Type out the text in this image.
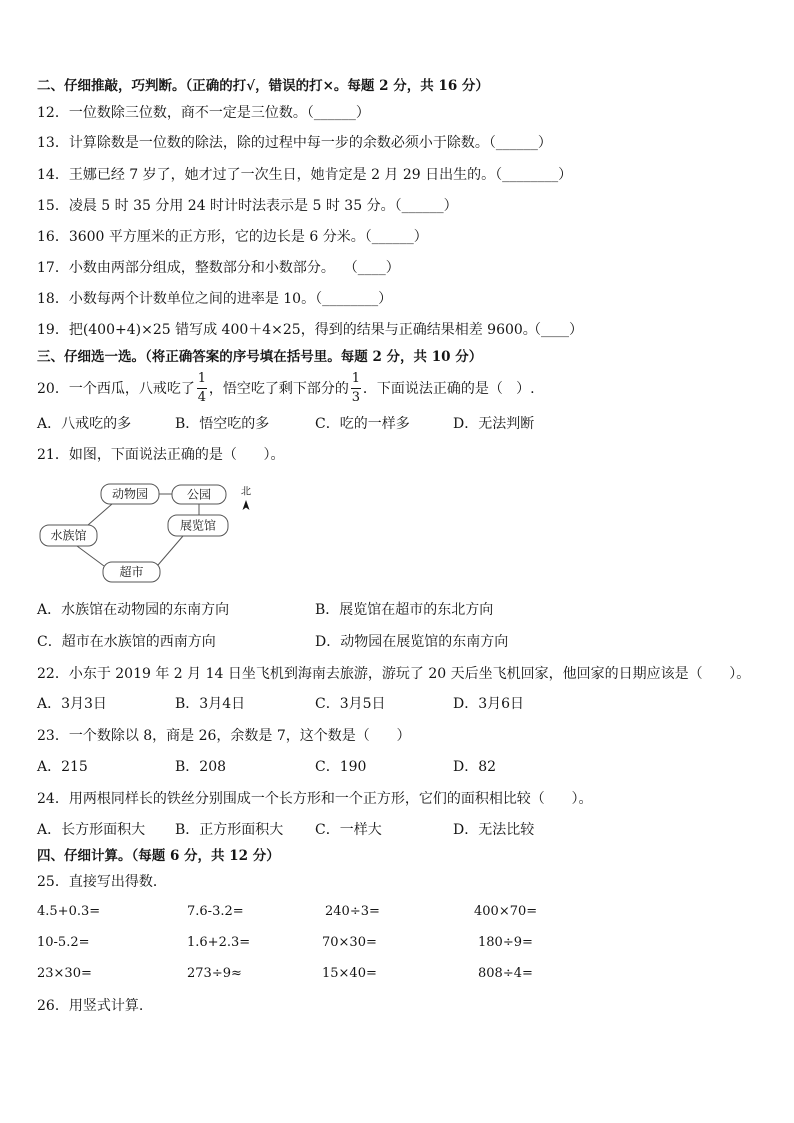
二、仔细推敲，巧判断。（正确的打√，错误的打×。每题 2 分，共 16 分）
12．一位数除三位数，商不一定是三位数。（______）
13．计算除数是一位数的除法，除的过程中每一步的余数必须小于除数。（______）
14．王娜已经 7 岁了，她才过了一次生日，她肯定是 2 月 29 日出生的。（________）
15．凌晨 5 时 35 分用 24 时计时法表示是 5 时 35 分。（______）
16．3600 平方厘米的正方形，它的边长是 6 分米。（______）
17．小数由两部分组成，整数部分和小数部分。  （____）
18．小数每两个计数单位之间的进率是 10。（________）
19．把(400+4)×25 错写成 400＋4×25，得到的结果与正确结果相差 9600。
（____）
三、仔细选一选。（将正确答案的序号填在括号里。每题 2 分，共 10 分）
20．一个西瓜，八戒吃了 $\frac{1}{4}$ ，悟空吃了剩下部分的 $\frac{1}{3}$ ．下面说法正确的是（   ）.
A．八戒吃的多	B．悟空吃的多	C．吃的一样多	D．无法判断
21．如图，下面说法正确的是（      ）。
动物园	公园
展览馆
水族馆
超市
北
A．水族馆在动物园的东南方向	B．展览馆在超市的东北方向
C．超市在水族馆的西南方向	D．动物园在展览馆的东南方向
22．小东于 2019 年 2 月 14 日坐飞机到海南去旅游，游玩了 20 天后坐飞机回家，他回家的日期应该是（      ）。
A．3月3日	B．3月4日	C．3月5日	D．3月6日
23．一个数除以 8，商是 26，余数是 7，这个数是（      ）
A．215	B．208	C．190	D．82
24．用两根同样长的铁丝分别围成一个长方形和一个正方形，它们的面积相比较（      ）。
A．长方形面积大 B．正方形面积大 C．一样大	D．无法比较
四、仔细计算。（每题 6 分，共 12 分）
25．直接写出得数．
4.5+0.3=	7.6-3.2=	240÷3=	400×70=
10-5.2=	1.6+2.3=	70×30=	180÷9=
23×30=	273÷9≈	15×40=	808÷4=
26．用竖式计算.
